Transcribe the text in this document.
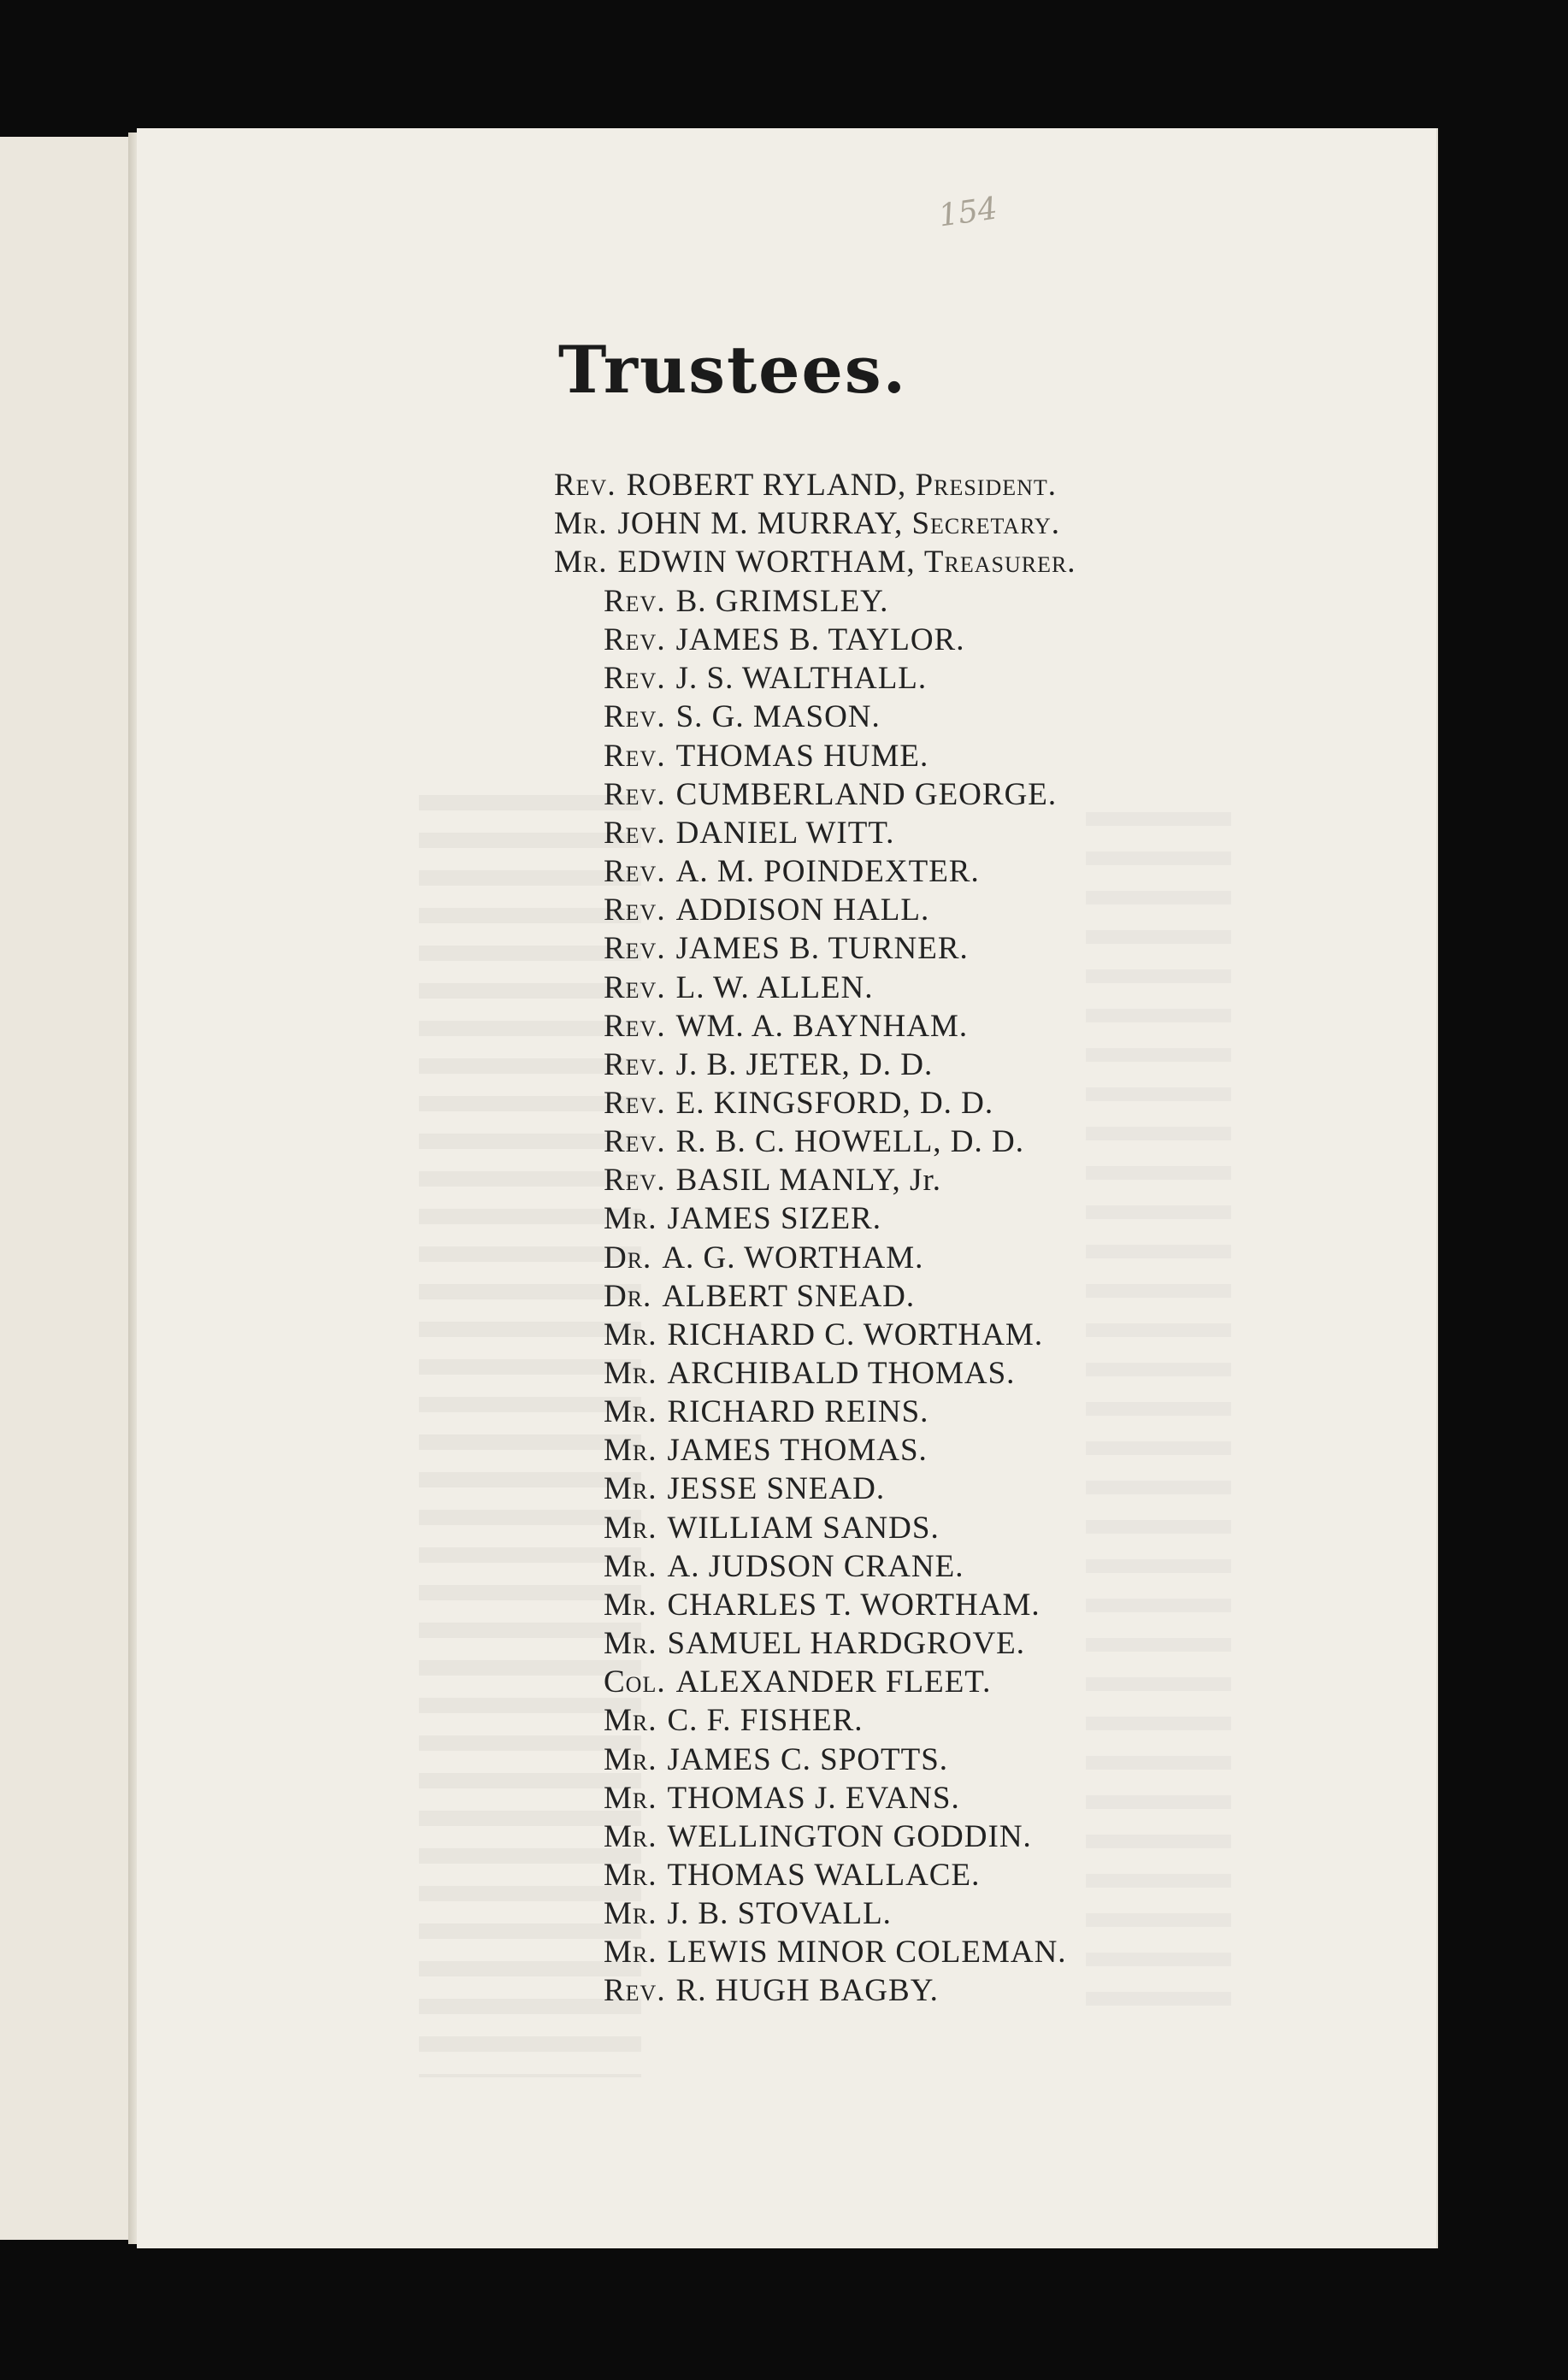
154
Trustees.
Rev. ROBERT RYLAND, President.
Mr. JOHN M. MURRAY, Secretary.
Mr. EDWIN WORTHAM, Treasurer.
Rev. B. GRIMSLEY.
Rev. JAMES B. TAYLOR.
Rev. J. S. WALTHALL.
Rev. S. G. MASON.
Rev. THOMAS HUME.
Rev. CUMBERLAND GEORGE.
Rev. DANIEL WITT.
Rev. A. M. POINDEXTER.
Rev. ADDISON HALL.
Rev. JAMES B. TURNER.
Rev. L. W. ALLEN.
Rev. WM. A. BAYNHAM.
Rev. J. B. JETER, D. D.
Rev. E. KINGSFORD, D. D.
Rev. R. B. C. HOWELL, D. D.
Rev. BASIL MANLY, Jr.
Mr. JAMES SIZER.
Dr. A. G. WORTHAM.
Dr. ALBERT SNEAD.
Mr. RICHARD C. WORTHAM.
Mr. ARCHIBALD THOMAS.
Mr. RICHARD REINS.
Mr. JAMES THOMAS.
Mr. JESSE SNEAD.
Mr. WILLIAM SANDS.
Mr. A. JUDSON CRANE.
Mr. CHARLES T. WORTHAM.
Mr. SAMUEL HARDGROVE.
Col. ALEXANDER FLEET.
Mr. C. F. FISHER.
Mr. JAMES C. SPOTTS.
Mr. THOMAS J. EVANS.
Mr. WELLINGTON GODDIN.
Mr. THOMAS WALLACE.
Mr. J. B. STOVALL.
Mr. LEWIS MINOR COLEMAN.
Rev. R. HUGH BAGBY.
